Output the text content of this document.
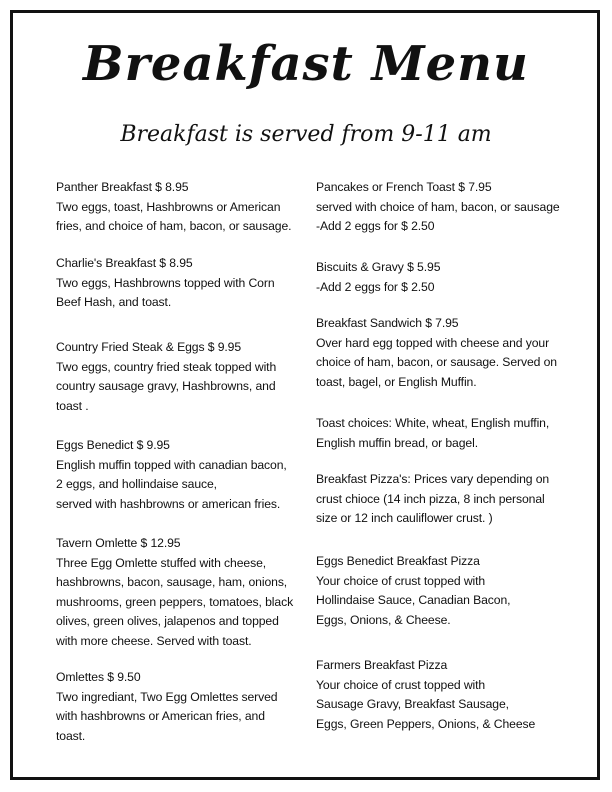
Breakfast Menu
Breakfast is served from 9-11 am

Panther Breakfast $ 8.95

Two eggs, toast, Hashbrowns or American

fries, and choice of ham, bacon, or sausage.

Charlie's Breakfast $ 8.95

Two eggs, Hashbrowns topped with Corn

Beef Hash, and toast.

Country Fried Steak & Eggs $ 9.95

Two eggs, country fried steak topped with

country sausage gravy, Hashbrowns, and

toast .

Eggs Benedict $ 9.95

English muffin topped with canadian bacon,

2 eggs, and hollindaise sauce,

served with hashbrowns or american fries.

Tavern Omlette $ 12.95

Three Egg Omlette stuffed with cheese,

hashbrowns, bacon, sausage, ham, onions,

mushrooms, green peppers, tomatoes, black

olives, green olives, jalapenos and topped

with more cheese. Served with toast.

Omlettes $ 9.50

Two ingrediant, Two Egg Omlettes served

with hashbrowns or American fries, and

toast.

Pancakes or French Toast $ 7.95

served with choice of ham, bacon, or sausage

-Add 2 eggs for $ 2.50

Biscuits & Gravy $ 5.95

-Add 2 eggs for $ 2.50

Breakfast Sandwich $ 7.95

Over hard egg topped with cheese and your

choice of ham, bacon, or sausage. Served on

toast, bagel, or English Muffin.

Toast choices: White, wheat, English muffin,

English muffin bread, or bagel.

Breakfast Pizza's: Prices vary depending on

crust chioce (14 inch pizza, 8 inch personal

size or 12 inch cauliflower crust. )

Eggs Benedict Breakfast Pizza

Your choice of crust topped with

Hollindaise Sauce, Canadian Bacon,

Eggs, Onions, & Cheese.

Farmers Breakfast Pizza

Your choice of crust topped with

Sausage Gravy, Breakfast Sausage,

Eggs, Green Peppers, Onions, & Cheese
